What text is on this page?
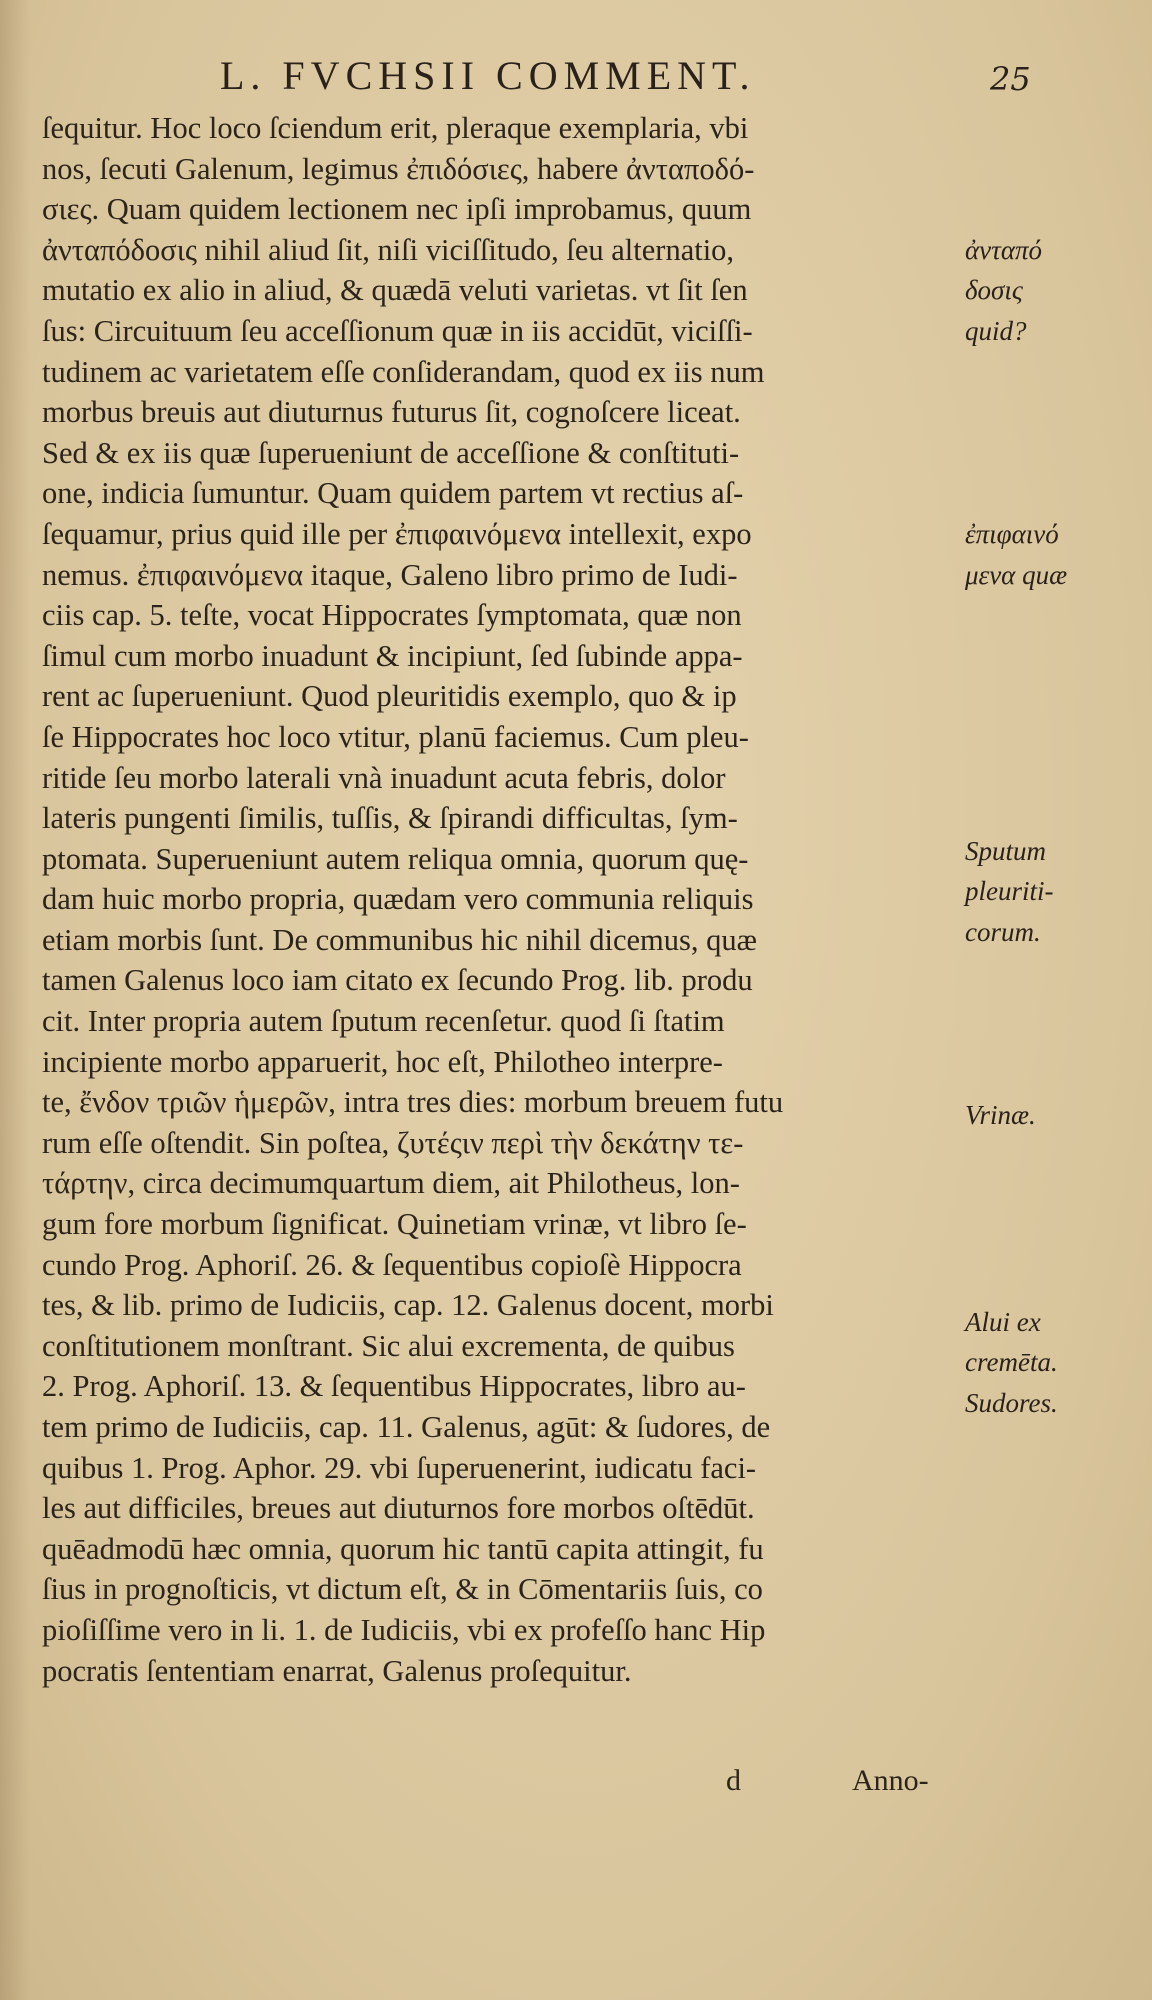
L. FVCHSII COMMENT.	25
ſequitur. Hoc loco ſciendum erit, pleraque exemplaria, vbi
nos, ſecuti Galenum, legimus ἐπιδόσιες, habere ἀνταποδό-
σιες. Quam quidem lectionem nec ipſi improbamus, quum
ἀνταπόδοσις nihil aliud ſit, niſi viciſſitudo, ſeu alternatio,
mutatio ex alio in aliud, & quædā veluti varietas. vt ſit ſen
ſus: Circuituum ſeu acceſſionum quæ in iis accidūt, viciſſi-
tudinem ac varietatem eſſe conſiderandam, quod ex iis num
morbus breuis aut diuturnus futurus ſit, cognoſcere liceat.
Sed & ex iis quæ ſuperueniunt de acceſſione & conſtituti-
one, indicia ſumuntur. Quam quidem partem vt rectius aſ-
ſequamur, prius quid ille per ἐπιφαινόμενα intellexit, expo
nemus. ἐπιφαινόμενα itaque, Galeno libro primo de Iudi-
ciis cap. 5. teſte, vocat Hippocrates ſymptomata, quæ non
ſimul cum morbo inuadunt & incipiunt, ſed ſubinde appa-
rent ac ſuperueniunt. Quod pleuritidis exemplo, quo & ip
ſe Hippocrates hoc loco vtitur, planū faciemus. Cum pleu-
ritide ſeu morbo laterali vnà inuadunt acuta febris, dolor
lateris pungenti ſimilis, tuſſis, & ſpirandi difficultas, ſym-
ptomata. Superueniunt autem reliqua omnia, quorum quę-
dam huic morbo propria, quædam vero communia reliquis
etiam morbis ſunt. De communibus hic nihil dicemus, quæ
tamen Galenus loco iam citato ex ſecundo Prog. lib. produ
cit. Inter propria autem ſputum recenſetur. quod ſi ſtatim
incipiente morbo apparuerit, hoc eſt, Philotheo interpre-
te, ἔνδον τριῶν ἡμερῶν, intra tres dies: morbum breuem futu
rum eſſe oſtendit. Sin poſtea, ζυτέςιν περὶ τὴν δεκάτην τε-
τάρτην, circa decimumquartum diem, ait Philotheus, lon-
gum fore morbum ſignificat. Quinetiam vrinæ, vt libro ſe-
cundo Prog. Aphoriſ. 26. & ſequentibus copioſè Hippocra
tes, & lib. primo de Iudiciis, cap. 12. Galenus docent, morbi
conſtitutionem monſtrant. Sic alui excrementa, de quibus
2. Prog. Aphoriſ. 13. & ſequentibus Hippocrates, libro au-
tem primo de Iudiciis, cap. 11. Galenus, agūt: & ſudores, de
quibus 1. Prog. Aphor. 29. vbi ſuperuenerint, iudicatu faci-
les aut difficiles, breues aut diuturnos fore morbos oſtēdūt.
quēadmodū hæc omnia, quorum hic tantū capita attingit, fu
ſius in prognoſticis, vt dictum eſt, & in Cōmentariis ſuis, co
pioſiſſime vero in li. 1. de Iudiciis, vbi ex profeſſo hanc Hip
pocratis ſententiam enarrat, Galenus proſequitur.
ἀνταπό
δοσις
quid?
ἐπιφαινό
μενα quæ
Sputum
pleuriti-
corum.
Vrinæ.
Alui ex
cremēta.
Sudores.
d	Anno-
